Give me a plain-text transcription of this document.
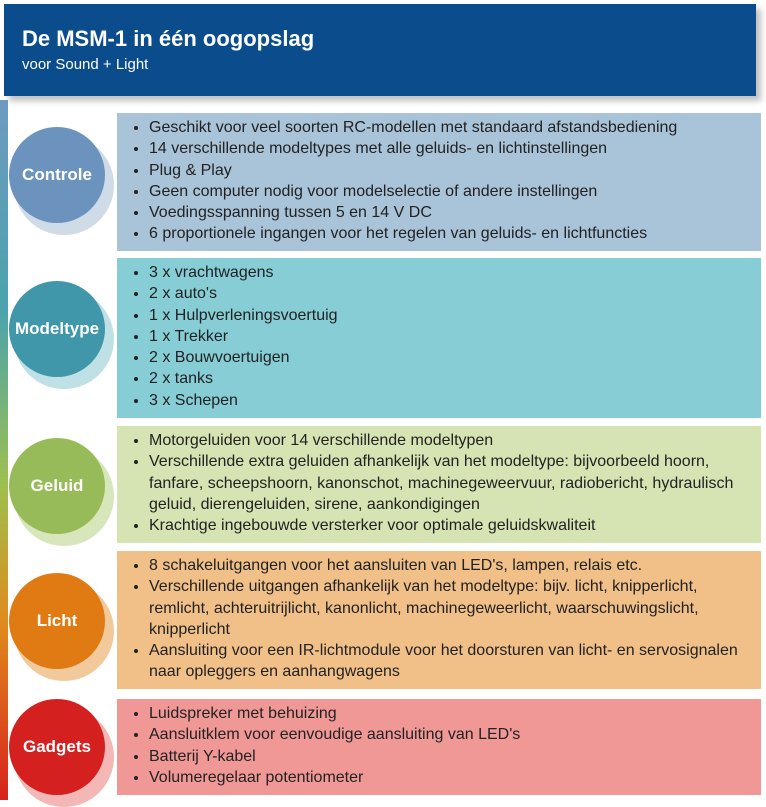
De MSM-1 in één oogopslag
voor Sound + Light
• Geschikt voor veel soorten RC-modellen met standaard afstandsbediening
• 14 verschillende modeltypes met alle geluids- en lichtinstellingen
• Plug & Play
• Geen computer nodig voor modelselectie of andere instellingen
• Voedingsspanning tussen 5 en 14 V DC
• 6 proportionele ingangen voor het regelen van geluids- en lichtfuncties
• 3 x vrachtwagens
• 2 x auto's
• 1 x Hulpverleningsvoertuig
• 1 x Trekker
• 2 x Bouwvoertuigen
• 2 x tanks
• 3 x Schepen
• Motorgeluiden voor 14 verschillende modeltypen
• Verschillende extra geluiden afhankelijk van het modeltype: bijvoorbeeld hoorn, fanfare, scheepshoorn, kanonschot, machinegeweervuur, radiobericht, hydraulisch geluid, dierengeluiden, sirene, aankondigingen
• Krachtige ingebouwde versterker voor optimale geluidskwaliteit
• 8 schakeluitgangen voor het aansluiten van LED's, lampen, relais etc.
• Verschillende uitgangen afhankelijk van het modeltype: bijv. licht, knipperlicht, remlicht, achteruitrijlicht, kanonlicht, machinegeweerlicht, waarschuwingslicht, knipperlicht
• Aansluiting voor een IR-lichtmodule voor het doorsturen van licht- en servosignalen naar opleggers en aanhangwagens
• Luidspreker met behuizing
• Aansluitklem voor eenvoudige aansluiting van LED's
• Batterij Y-kabel
• Volumeregelaar potentiometer
Controle
Modeltype
Geluid
Licht
Gadgets
